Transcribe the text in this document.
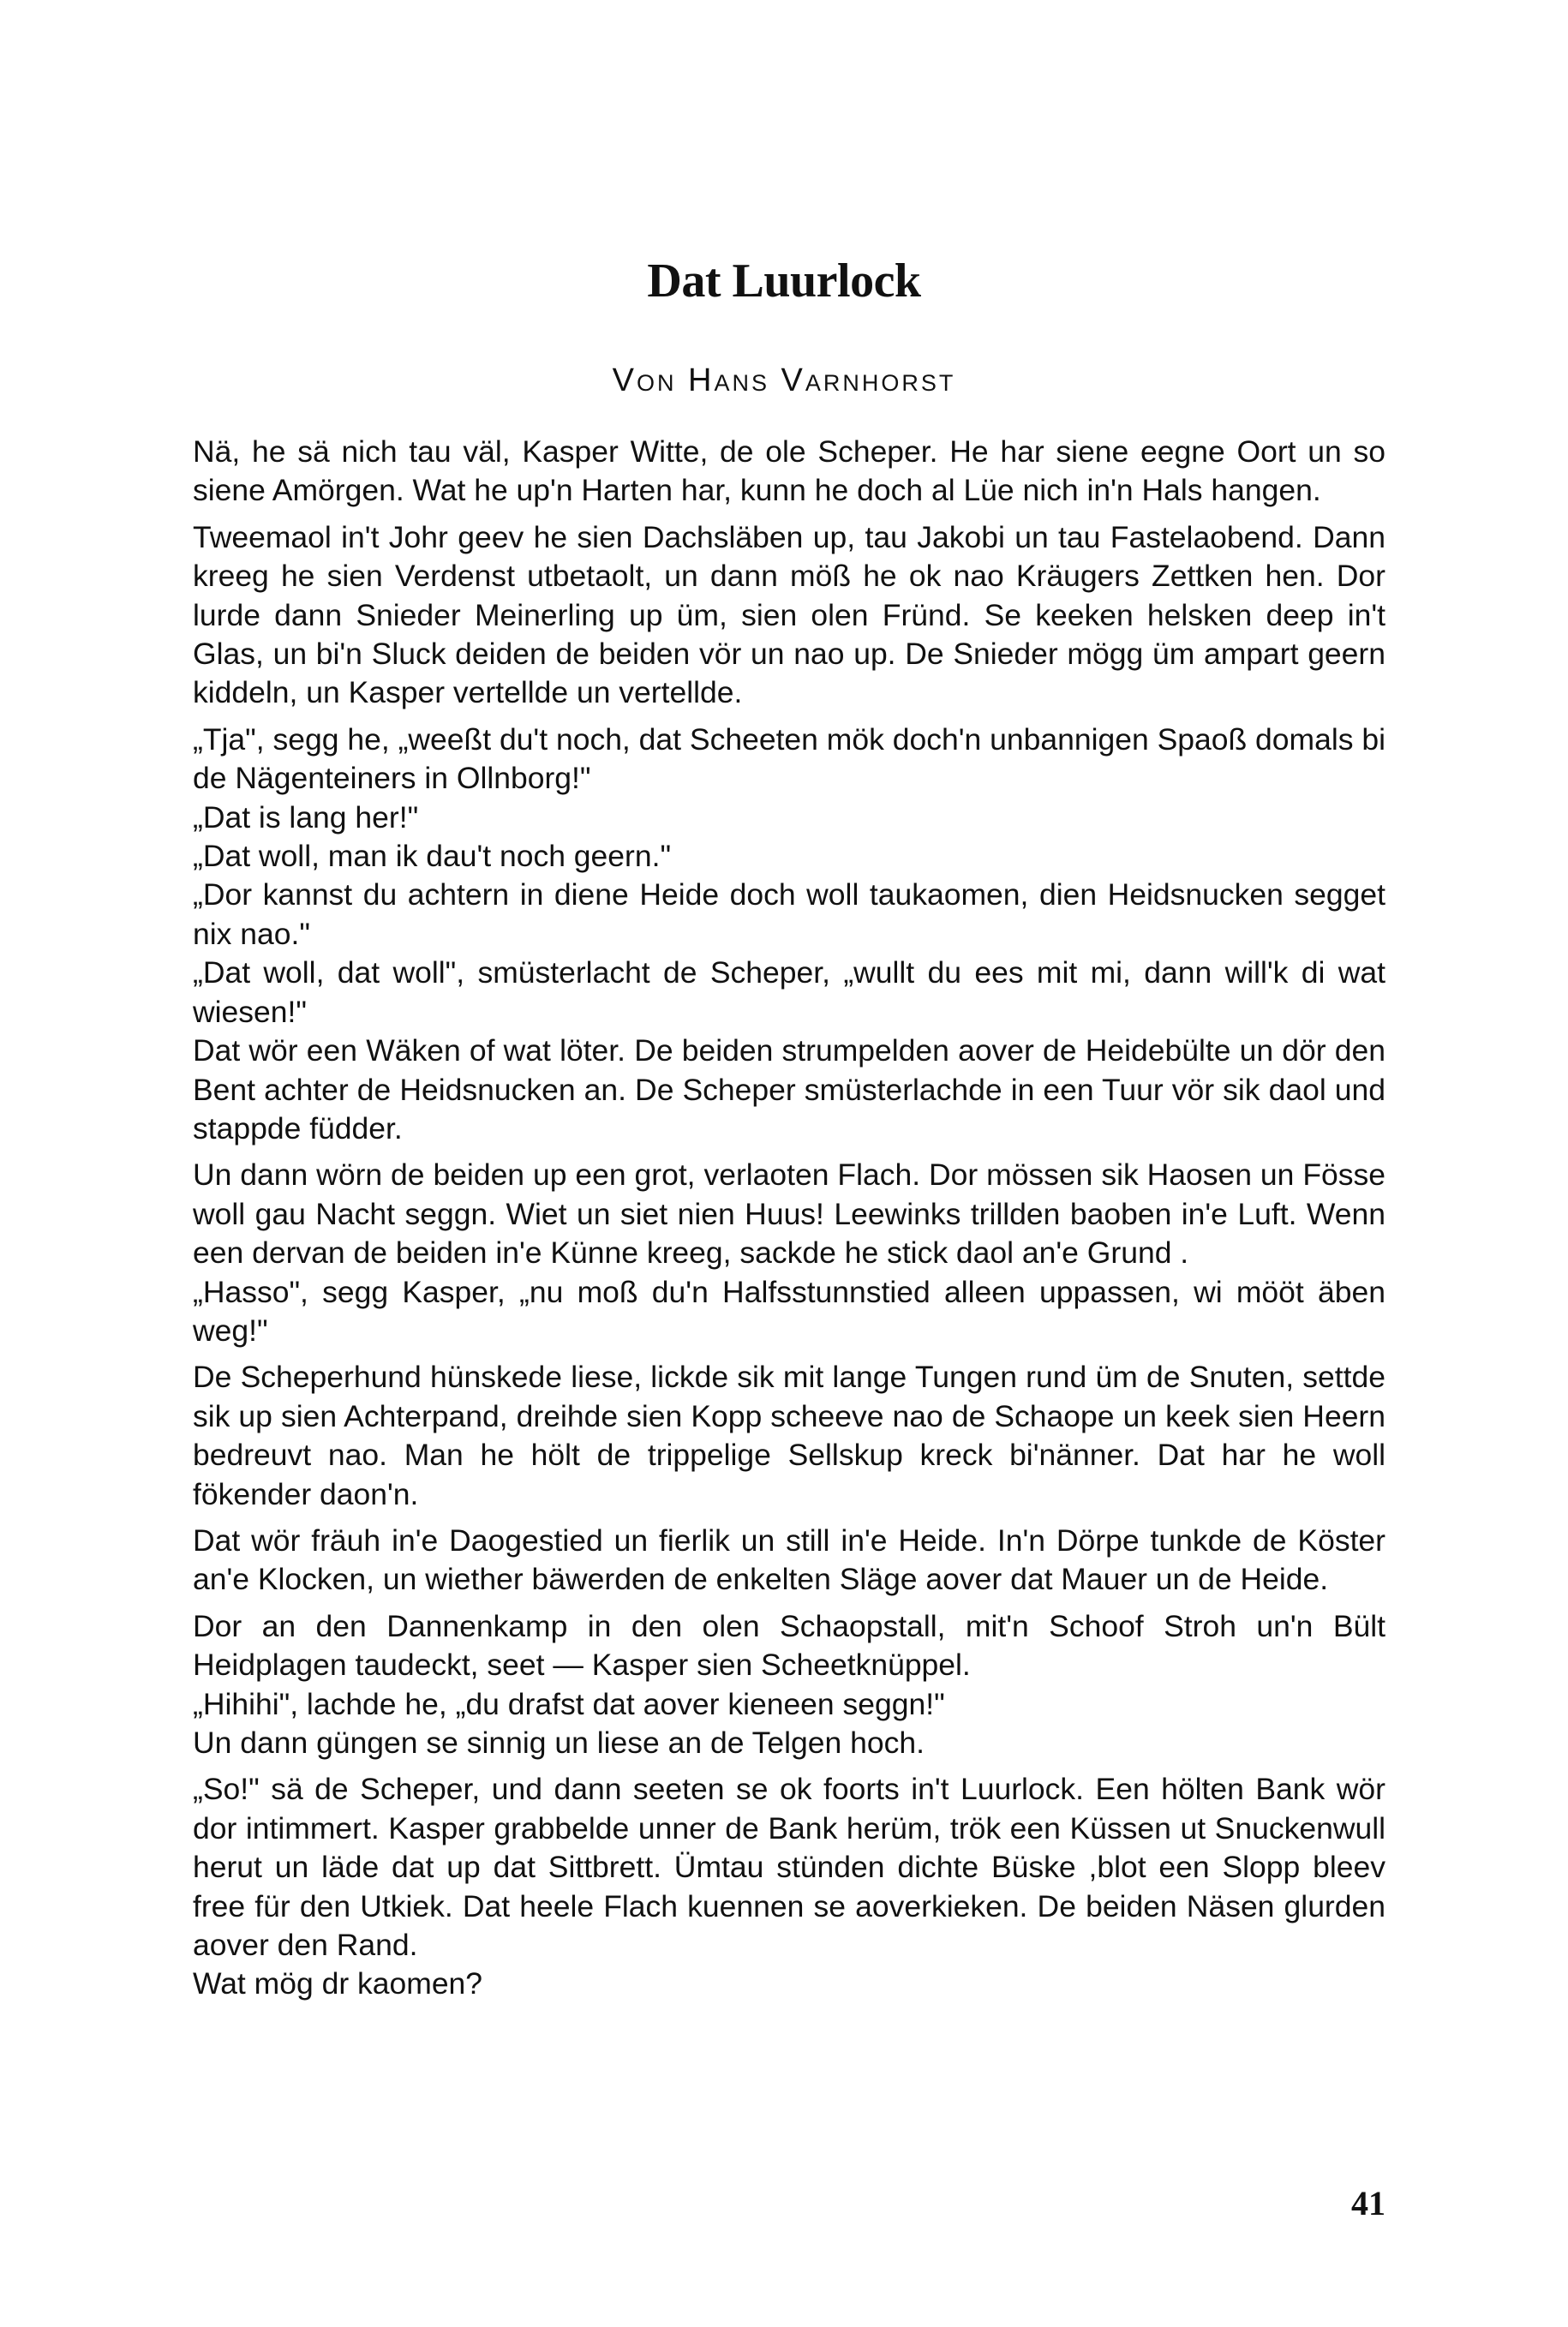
Dat Luurlock

Von Hans Varnhorst

Nä, he sä nich tau väl, Kasper Witte, de ole Scheper. He har siene eegne Oort un so siene Amörgen. Wat he up'n Harten har, kunn he doch al Lüe nich in'n Hals hangen.

Tweemaol in't Johr geev he sien Dachsläben up, tau Jakobi un tau Fastelaobend. Dann kreeg he sien Verdenst utbetaolt, un dann möß he ok nao Kräugers Zettken hen. Dor lurde dann Snieder Meinerling up üm, sien olen Fründ. Se keeken helsken deep in't Glas, un bi'n Sluck deiden de beiden vör un nao up. De Snieder mögg üm ampart geern kiddeln, un Kasper vertellde un vertellde.

„Tja", segg he, „weeßt du't noch, dat Scheeten mök doch'n unbannigen Spaoß domals bi de Nägenteiners in Ollnborg!"

„Dat is lang her!"

„Dat woll, man ik dau't noch geern."

„Dor kannst du achtern in diene Heide doch woll taukaomen, dien Heidsnucken segget nix nao."

„Dat woll, dat woll", smüsterlacht de Scheper, „wullt du ees mit mi, dann will'k di wat wiesen!"

Dat wör een Wäken of wat löter. De beiden strumpelden aover de Heidebülte un dör den Bent achter de Heidsnucken an. De Scheper smüsterlachde in een Tuur vör sik daol und stappde füdder.

Un dann wörn de beiden up een grot, verlaoten Flach. Dor mössen sik Haosen un Fösse woll gau Nacht seggn. Wiet un siet nien Huus! Leewinks trillden baoben in'e Luft. Wenn een dervan de beiden in'e Künne kreeg, sackde he stick daol an'e Grund .

„Hasso", segg Kasper, „nu moß du'n Halfsstunnstied alleen uppassen, wi mööt äben weg!"

De Scheperhund hünskede liese, lickde sik mit lange Tungen rund üm de Snuten, settde sik up sien Achterpand, dreihde sien Kopp scheeve nao de Schaope un keek sien Heern bedreuvt nao. Man he hölt de trippelige Sellskup kreck bi'nänner. Dat har he woll fökender daon'n.

Dat wör fräuh in'e Daogestied un fierlik un still in'e Heide. In'n Dörpe tunkde de Köster an'e Klocken, un wiether bäwerden de enkelten Släge aover dat Mauer un de Heide.

Dor an den Dannenkamp in den olen Schaopstall, mit'n Schoof Stroh un'n Bült Heidplagen taudeckt, seet — Kasper sien Scheetknüppel.

„Hihihi", lachde he, „du drafst dat aover kieneen seggn!"

Un dann güngen se sinnig un liese an de Telgen hoch.

„So!" sä de Scheper, und dann seeten se ok foorts in't Luurlock. Een hölten Bank wör dor intimmert. Kasper grabbelde unner de Bank herüm, trök een Küssen ut Snuckenwull herut un läde dat up dat Sittbrett. Ümtau stünden dichte Büske ,blot een Slopp bleev free für den Utkiek. Dat heele Flach kuennen se aoverkieken. De beiden Näsen glurden aover den Rand.

Wat mög dr kaomen?

41
